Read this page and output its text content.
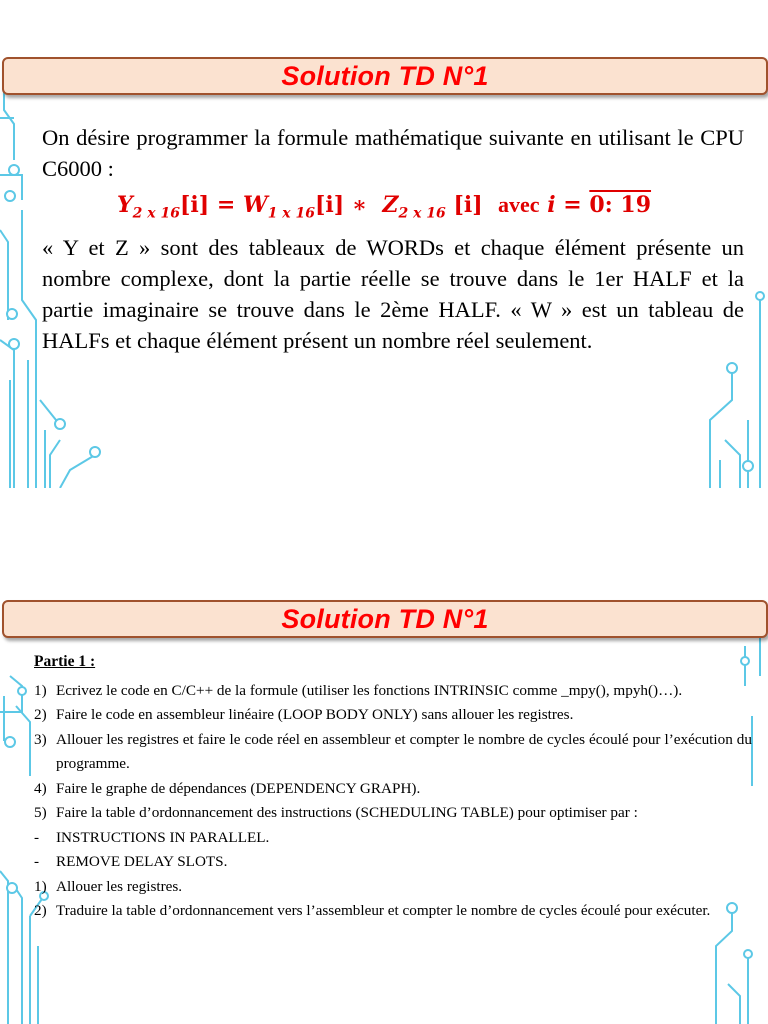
Solution TD N°1
On désire programmer la formule mathématique suivante en utilisant le CPU C6000 :
$Y_{2 x 16}[i] = W_{1 x 16}[i]$ ∗ $Z_{2 x 16}$ [i] avec i = 0: 19
« Y et Z » sont des tableaux de WORDs et chaque élément présente un nombre complexe, dont la partie réelle se trouve dans le 1er HALF et la partie imaginaire se trouve dans le 2ème HALF. « W » est un tableau de HALFs et chaque élément présent un nombre réel seulement.
Solution TD N°1
Partie 1 :
1) Ecrivez le code en C/C++ de la formule (utiliser les fonctions INTRINSIC comme _mpy(), mpyh()…).
2) Faire le code en assembleur linéaire (LOOP BODY ONLY) sans allouer les registres.
3) Allouer les registres et faire le code réel en assembleur et compter le nombre de cycles écoulé pour l’exécution du programme.
4) Faire le graphe de dépendances (DEPENDENCY GRAPH).
5) Faire la table d’ordonnancement des instructions (SCHEDULING TABLE) pour optimiser par :
-	INSTRUCTIONS IN PARALLEL.
-	REMOVE DELAY SLOTS.
1) Allouer les registres.
2) Traduire la table d’ordonnancement vers l’assembleur et compter le nombre de cycles écoulé pour exécuter.
